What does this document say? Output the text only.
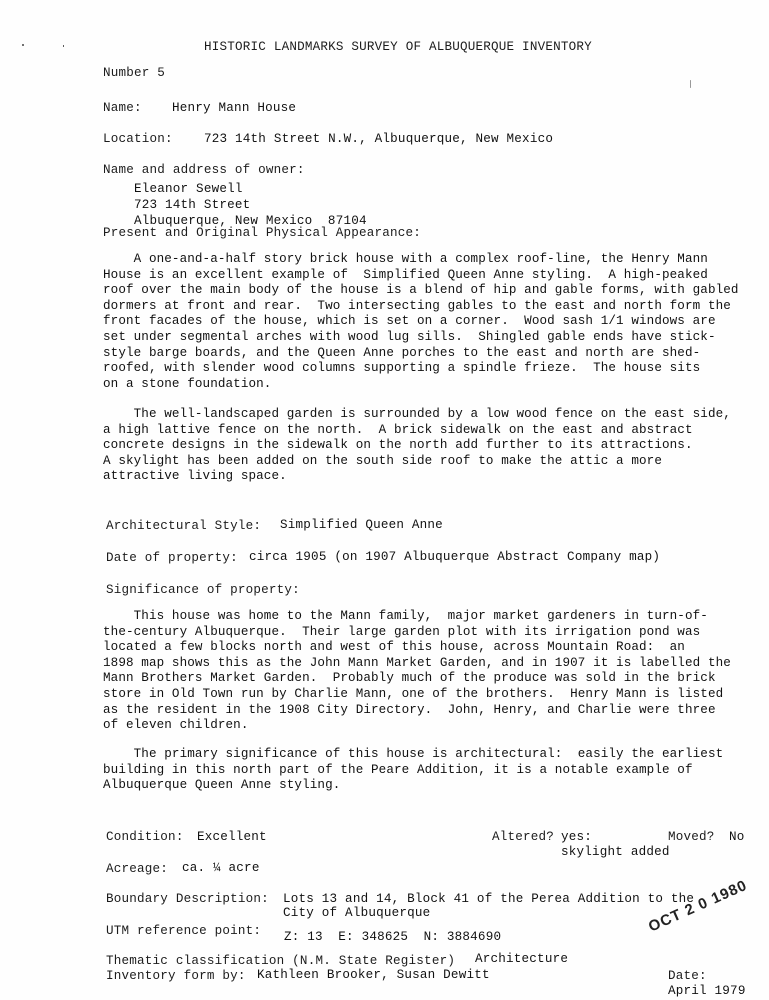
HISTORIC LANDMARKS SURVEY OF ALBUQUERQUE INVENTORY
Number 5
Name: Henry Mann House
Location: 723 14th Street N.W., Albuquerque, New Mexico
Name and address of owner:
Eleanor Sewell
723 14th Street
Albuquerque, New Mexico  87104
Present and Original Physical Appearance:
A one-and-a-half story brick house with a complex roof-line, the Henry Mann
House is an excellent example of  Simplified Queen Anne styling.  A high-peaked
roof over the main body of the house is a blend of hip and gable forms, with gabled
dormers at front and rear.  Two intersecting gables to the east and north form the
front facades of the house, which is set on a corner.  Wood sash 1/1 windows are
set under segmental arches with wood lug sills.  Shingled gable ends have stick-
style barge boards, and the Queen Anne porches to the east and north are shed-
roofed, with slender wood columns supporting a spindle frieze.  The house sits
on a stone foundation.
The well-landscaped garden is surrounded by a low wood fence on the east side,
a high lattive fence on the north.  A brick sidewalk on the east and abstract
concrete designs in the sidewalk on the north add further to its attractions.
A skylight has been added on the south side roof to make the attic a more
attractive living space.
Architectural Style: Simplified Queen Anne
Date of property: circa 1905 (on 1907 Albuquerque Abstract Company map)
Significance of property:
This house was home to the Mann family,  major market gardeners in turn-of-
the-century Albuquerque.  Their large garden plot with its irrigation pond was
located a few blocks north and west of this house, across Mountain Road:  an
1898 map shows this as the John Mann Market Garden, and in 1907 it is labelled the
Mann Brothers Market Garden.  Probably much of the produce was sold in the brick
store in Old Town run by Charlie Mann, one of the brothers.  Henry Mann is listed
as the resident in the 1908 City Directory.  John, Henry, and Charlie were three
of eleven children.
The primary significance of this house is architectural:  easily the earliest
building in this north part of the Peare Addition, it is a notable example of
Albuquerque Queen Anne styling.
Condition: Excellent	Altered? yes:
skylight added
Moved? No
Acreage: ca. ¼ acre
Boundary Description: Lots 13 and 14, Block 41 of the Perea Addition to the
City of Albuquerque
UTM reference point: Z: 13  E: 348625  N: 3884690
Thematic classification (N.M. State Register) Architecture
Inventory form by: Kathleen Brooker, Susan Dewitt	Date:
April 1979
OCT 2 0 1980
